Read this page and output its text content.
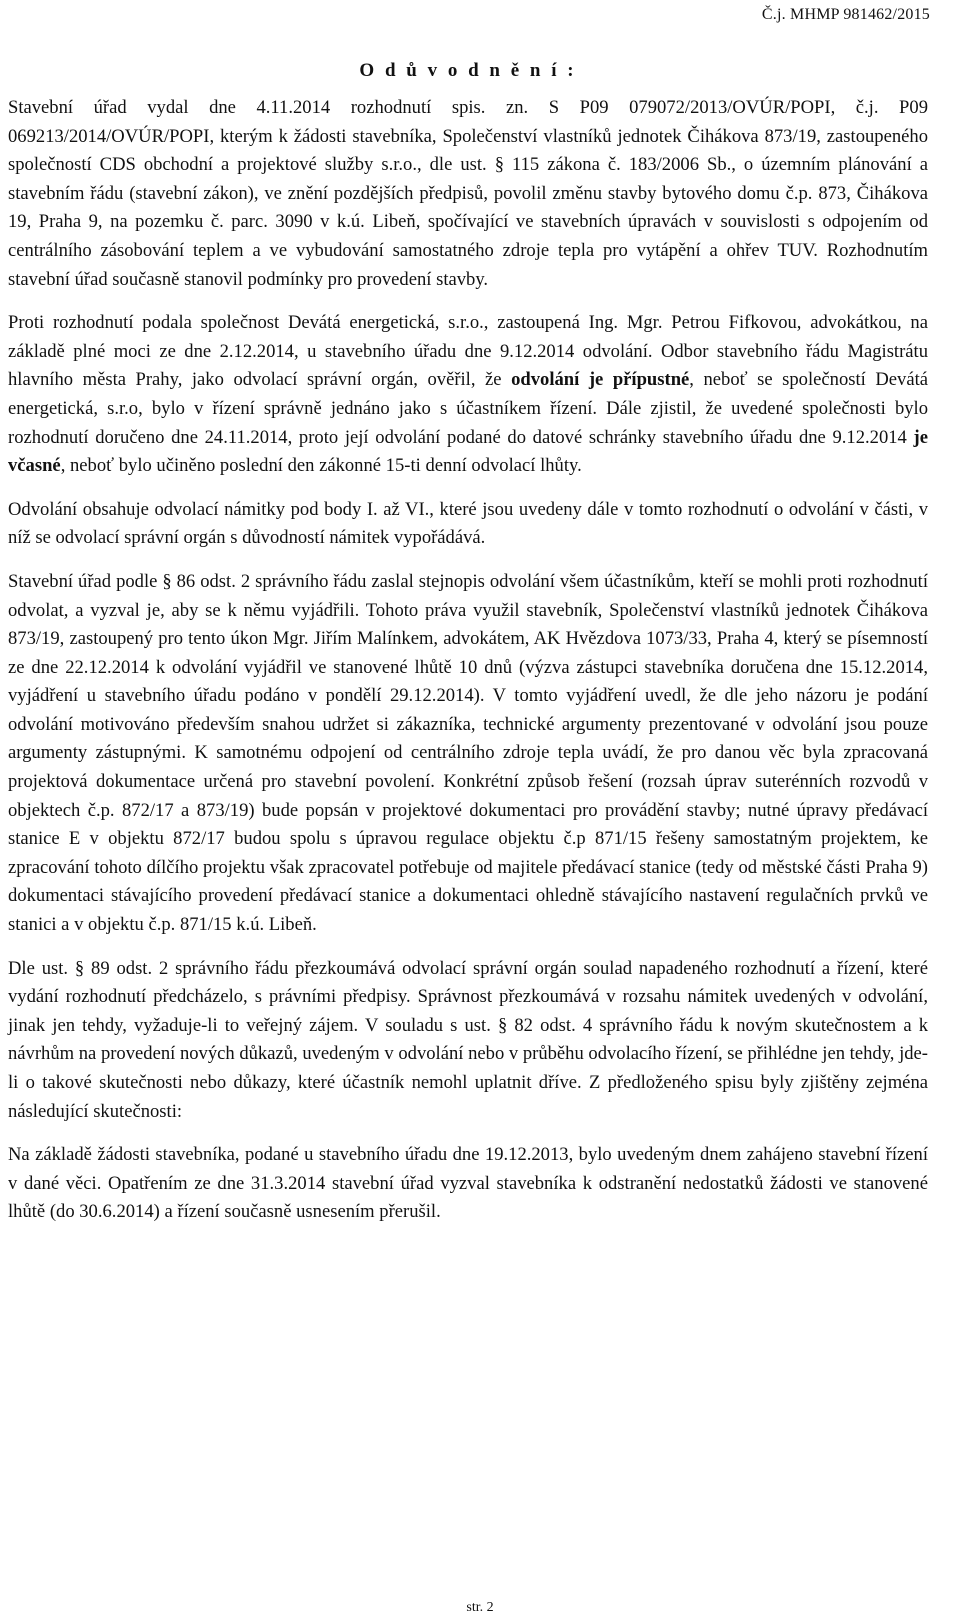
Č.j. MHMP 981462/2015
O d ů v o d n ě n í :

Stavební úřad vydal dne 4.11.2014 rozhodnutí spis. zn. S P09 079072/2013/OVÚR/POPI, č.j. P09 069213/2014/OVÚR/POPI, kterým k žádosti stavebníka, Společenství vlastníků jednotek Čihákova 873/19, zastoupeného společností CDS obchodní a projektové služby s.r.o., dle ust. § 115 zákona č. 183/2006 Sb., o územním plánování a stavebním řádu (stavební zákon), ve znění pozdějších předpisů, povolil změnu stavby bytového domu č.p. 873, Čihákova 19, Praha 9, na pozemku č. parc. 3090 v k.ú. Libeň, spočívající ve stavebních úpravách v souvislosti s odpojením od centrálního zásobování teplem a ve vybudování samostatného zdroje tepla pro vytápění a ohřev TUV. Rozhodnutím stavební úřad současně stanovil podmínky pro provedení stavby.

Proti rozhodnutí podala společnost Devátá energetická, s.r.o., zastoupená Ing. Mgr. Petrou Fifkovou, advokátkou, na základě plné moci ze dne 2.12.2014, u stavebního úřadu dne 9.12.2014 odvolání. Odbor stavebního řádu Magistrátu hlavního města Prahy, jako odvolací správní orgán, ověřil, že odvolání je přípustné, neboť se společností Devátá energetická, s.r.o, bylo v řízení správně jednáno jako s účastníkem řízení. Dále zjistil, že uvedené společnosti bylo rozhodnutí doručeno dne 24.11.2014, proto její odvolání podané do datové schránky stavebního úřadu dne 9.12.2014 je včasné, neboť bylo učiněno poslední den zákonné 15-ti denní odvolací lhůty.

Odvolání obsahuje odvolací námitky pod body I. až VI., které jsou uvedeny dále v tomto rozhodnutí o odvolání v části, v níž se odvolací správní orgán s důvodností námitek vypořádává.

Stavební úřad podle § 86 odst. 2 správního řádu zaslal stejnopis odvolání všem účastníkům, kteří se mohli proti rozhodnutí odvolat, a vyzval je, aby se k němu vyjádřili. Tohoto práva využil stavebník, Společenství vlastníků jednotek Čihákova 873/19, zastoupený pro tento úkon Mgr. Jiřím Malínkem, advokátem, AK Hvězdova 1073/33, Praha 4, který se písemností ze dne 22.12.2014 k odvolání vyjádřil ve stanovené lhůtě 10 dnů (výzva zástupci stavebníka doručena dne 15.12.2014, vyjádření u stavebního úřadu podáno v pondělí 29.12.2014). V tomto vyjádření uvedl, že dle jeho názoru je podání odvolání motivováno především snahou udržet si zákazníka, technické argumenty prezentované v odvolání jsou pouze argumenty zástupnými. K samotnému odpojení od centrálního zdroje tepla uvádí, že pro danou věc byla zpracovaná projektová dokumentace určená pro stavební povolení. Konkrétní způsob řešení (rozsah úprav suterénních rozvodů v objektech č.p. 872/17 a 873/19) bude popsán v projektové dokumentaci pro provádění stavby; nutné úpravy předávací stanice E v objektu 872/17 budou spolu s úpravou regulace objektu č.p 871/15 řešeny samostatným projektem, ke zpracování tohoto dílčího projektu však zpracovatel potřebuje od majitele předávací stanice (tedy od městské části Praha 9) dokumentaci stávajícího provedení předávací stanice a dokumentaci ohledně stávajícího nastavení regulačních prvků ve stanici a v objektu č.p. 871/15 k.ú. Libeň.

Dle ust. § 89 odst. 2 správního řádu přezkoumává odvolací správní orgán soulad napadeného rozhodnutí a řízení, které vydání rozhodnutí předcházelo, s právními předpisy. Správnost přezkoumává v rozsahu námitek uvedených v odvolání, jinak jen tehdy, vyžaduje-li to veřejný zájem. V souladu s ust. § 82 odst. 4 správního řádu k novým skutečnostem a k návrhům na provedení nových důkazů, uvedeným v odvolání nebo v průběhu odvolacího řízení, se přihlédne jen tehdy, jde-li o takové skutečnosti nebo důkazy, které účastník nemohl uplatnit dříve. Z předloženého spisu byly zjištěny zejména následující skutečnosti:

Na základě žádosti stavebníka, podané u stavebního úřadu dne 19.12.2013, bylo uvedeným dnem zahájeno stavební řízení v dané věci. Opatřením ze dne 31.3.2014 stavební úřad vyzval stavebníka k odstranění nedostatků žádosti ve stanovené lhůtě (do 30.6.2014) a řízení současně usnesením přerušil.

str. 2
